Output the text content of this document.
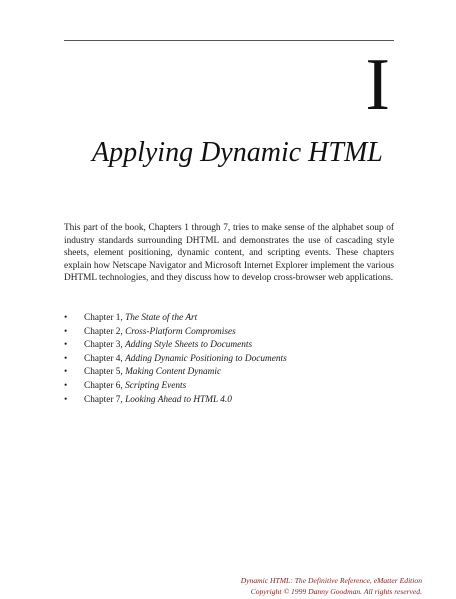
I
Applying Dynamic HTML

This part of the book, Chapters 1 through 7, tries to make sense of the alphabet soup of industry standards surrounding DHTML and demonstrates the use of cascading style sheets, element positioning, dynamic content, and scripting events. These chapters explain how Netscape Navigator and Microsoft Internet Explorer implement the various DHTML technologies, and they discuss how to develop cross-browser web applications.

• Chapter 1, The State of the Art
• Chapter 2, Cross-Platform Compromises
• Chapter 3, Adding Style Sheets to Documents
• Chapter 4, Adding Dynamic Positioning to Documents
• Chapter 5, Making Content Dynamic
• Chapter 6, Scripting Events
• Chapter 7, Looking Ahead to HTML 4.0
Dynamic HTML: The Definitive Reference, eMatter Edition
Copyright © 1999 Danny Goodman. All rights reserved.
